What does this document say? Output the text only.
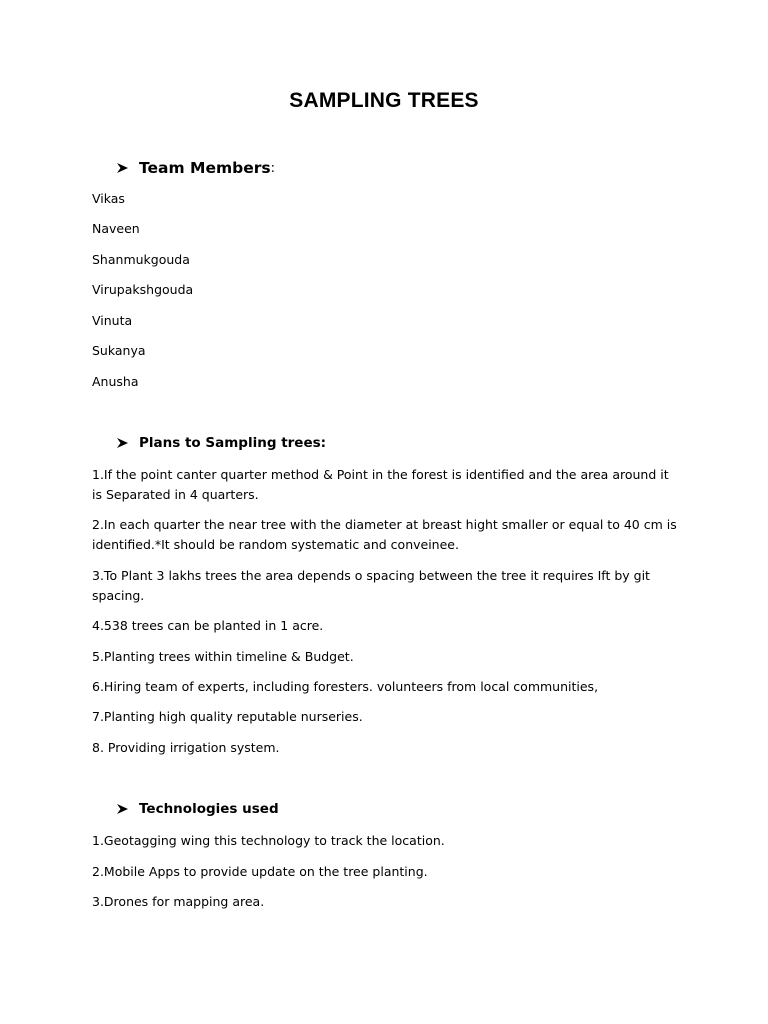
SAMPLING TREES
Team Members :
Vikas
Naveen
Shanmukgouda
Virupakshgouda
Vinuta
Sukanya
Anusha
Plans to Sampling trees:
1.If the point canter quarter method & Point in the forest is identified and the area around it is Separated in 4 quarters.
2.In each quarter the near tree with the diameter at breast hight smaller or equal to 40 cm is identified.*It should be random systematic and conveinee.
3.To Plant 3 lakhs trees the area depends o spacing between the tree it requires Ift by git spacing.
4.538 trees can be planted in 1 acre.
5.Planting trees within timeline & Budget.
6.Hiring team of experts, including foresters. volunteers from local communities,
7.Planting high quality reputable nurseries.
8. Providing irrigation system.
Technologies used
1.Geotagging wing this technology to track the location.
2.Mobile Apps to provide update on the tree planting.
3.Drones for mapping area.
